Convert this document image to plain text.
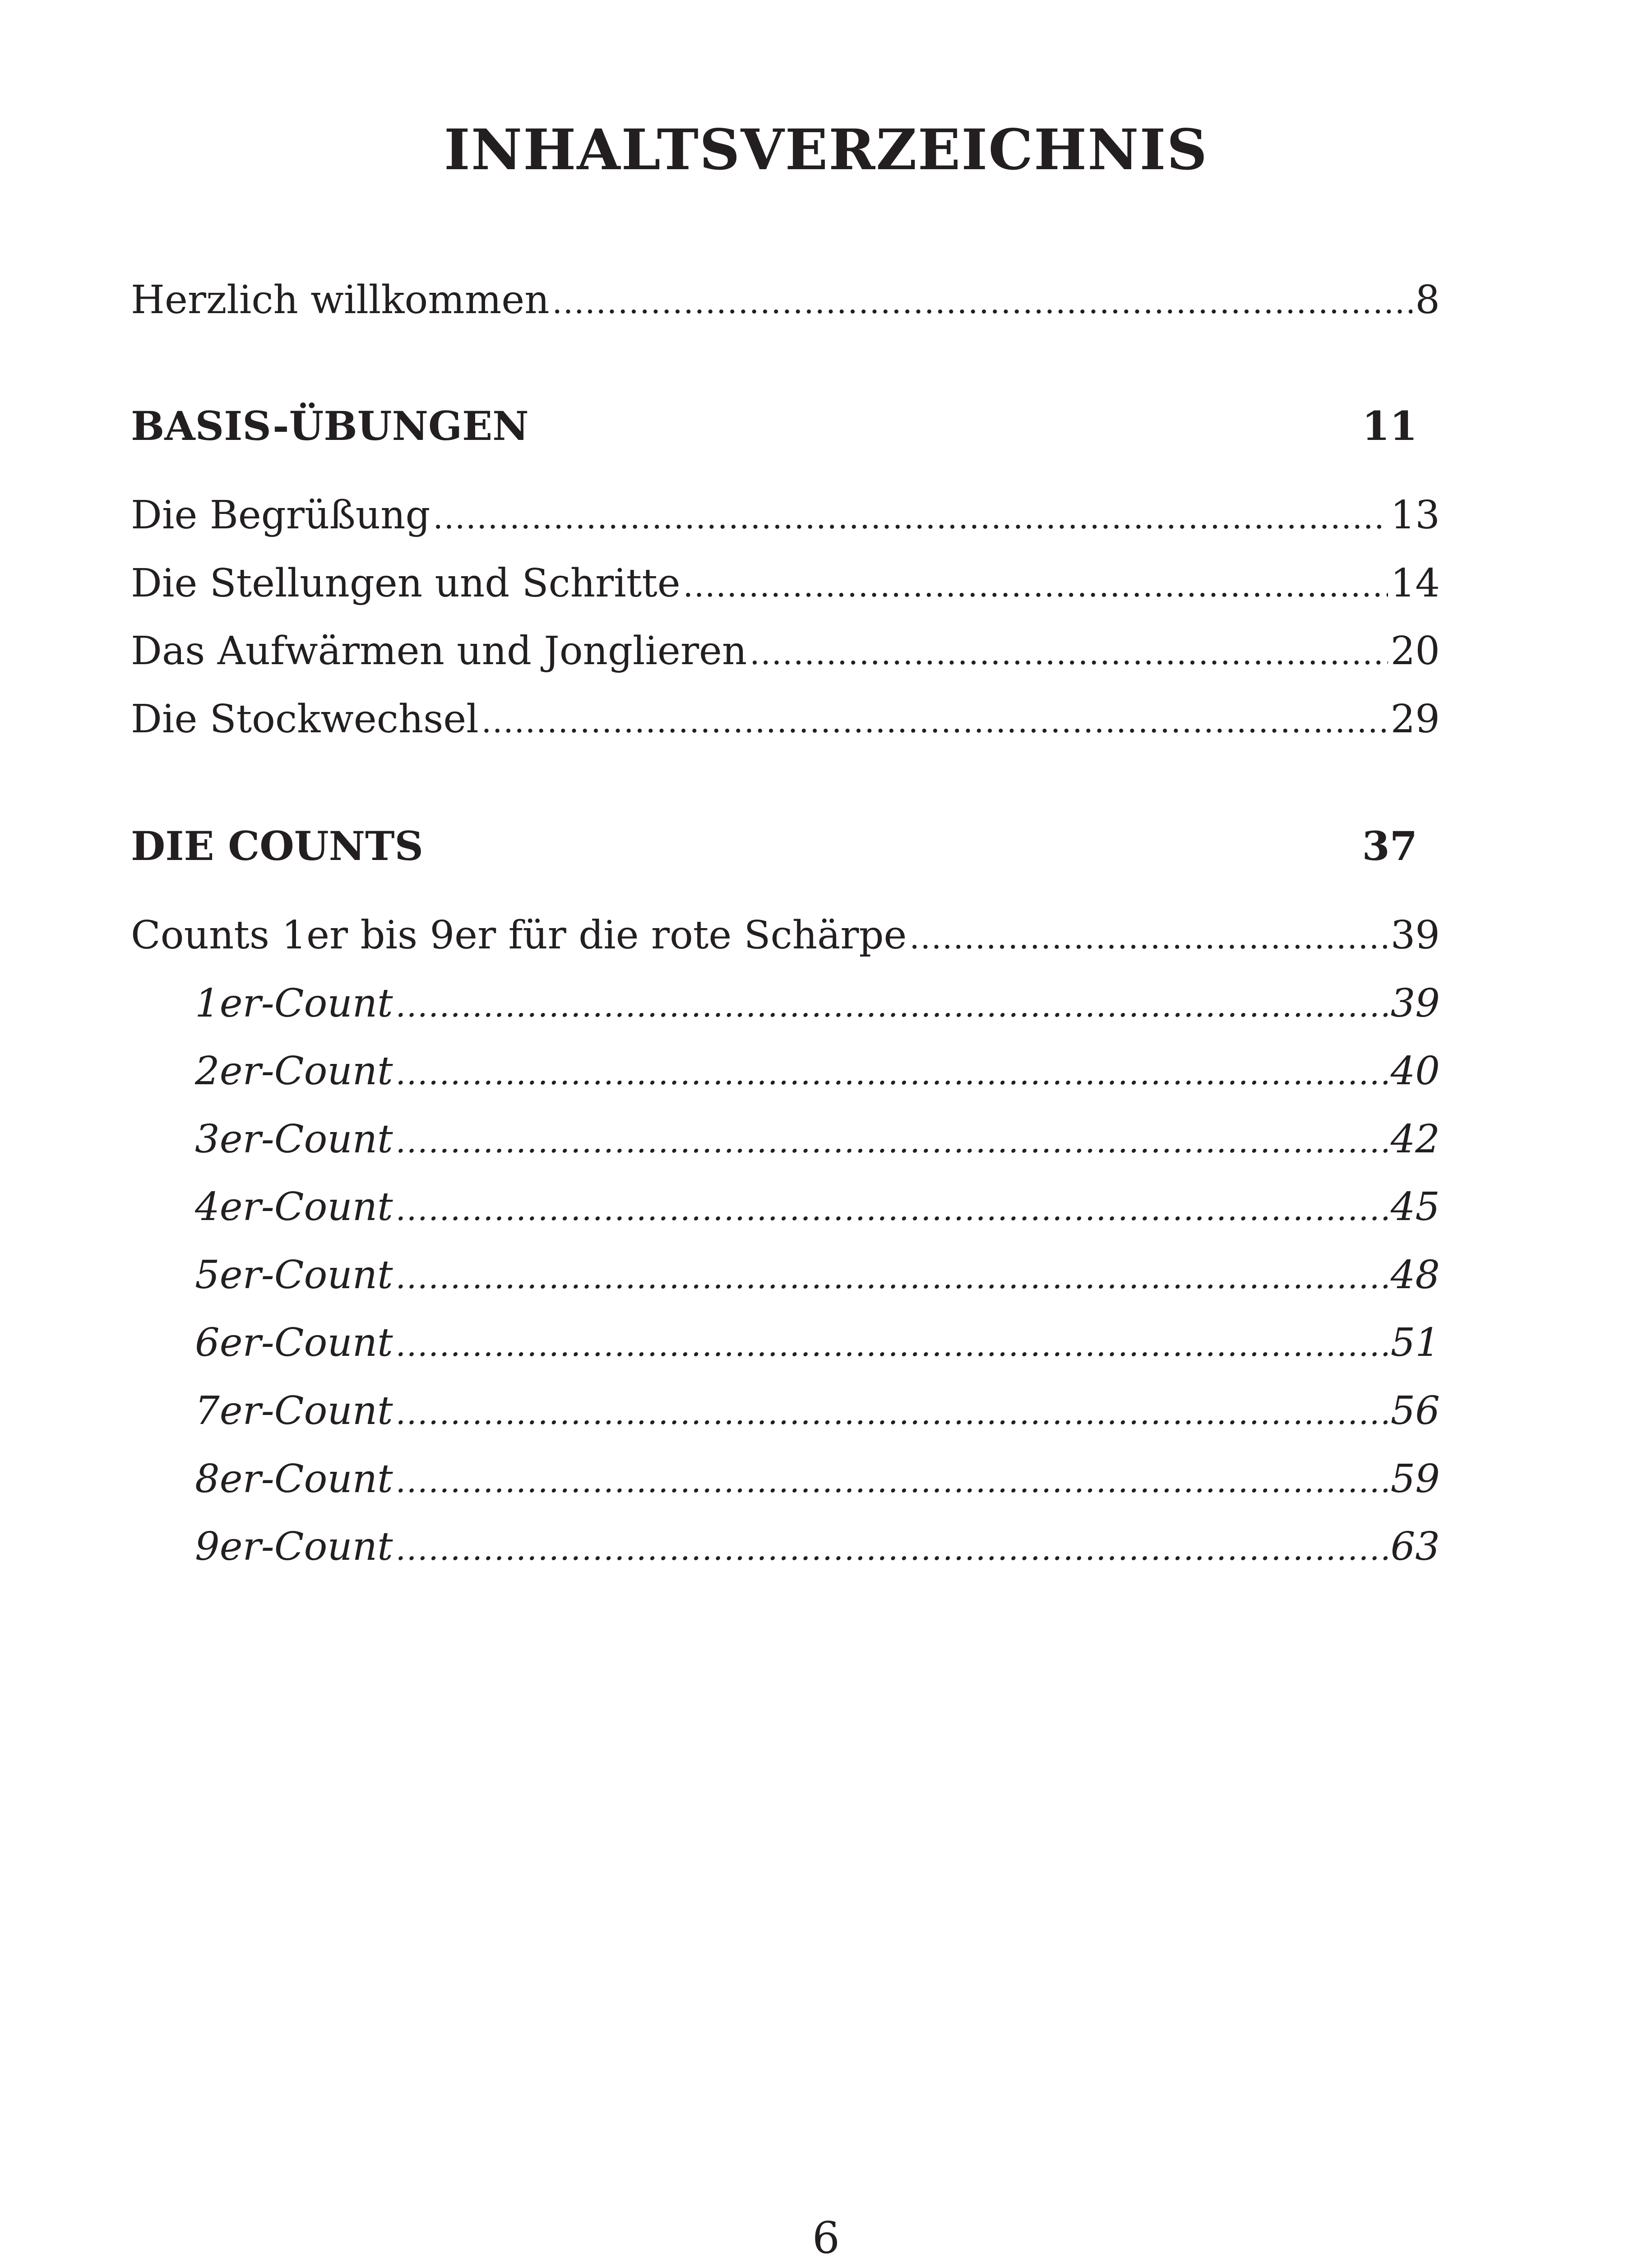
INHALTSVERZEICHNIS
Herzlich willkommen .....	8
BASIS-ÜBUNGEN	11
Die Begrüßung .....	13
Die Stellungen und Schritte .....	14
Das Aufwärmen und Jonglieren .....	20
Die Stockwechsel .....	29
DIE COUNTS	37
Counts 1er bis 9er für die rote Schärpe .....	39
1er-Count .....	39
2er-Count .....	40
3er-Count .....	42
4er-Count .....	45
5er-Count .....	48
6er-Count .....	51
7er-Count .....	56
8er-Count .....	59
9er-Count .....	63
6
